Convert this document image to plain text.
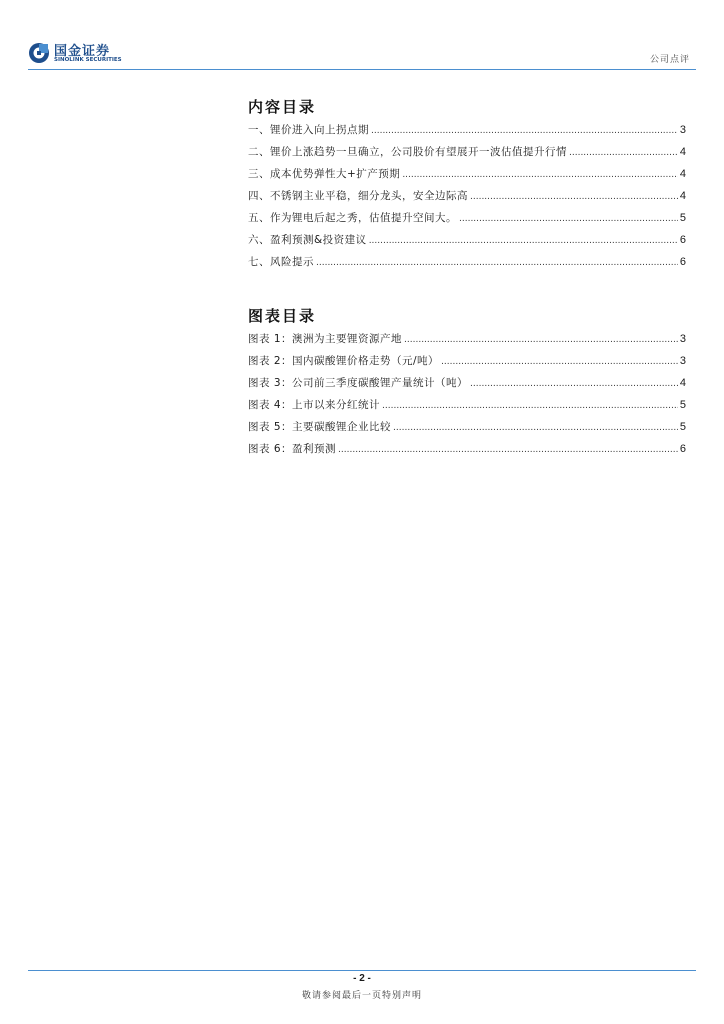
国金证券
SINOLINK SECURITIES	公司点评
内容目录
一、锂价进入向上拐点期 .....	3
二、锂价上涨趋势一旦确立，公司股价有望展开一波估值提升行情 .....	4
三、成本优势弹性大+扩产预期 .....	4
四、不锈钢主业平稳，细分龙头，安全边际高 .....	4
五、作为锂电后起之秀，估值提升空间大。 .....	5
六、盈利预测&投资建议 .....	6
七、风险提示 .....	6
图表目录
图表 1：澳洲为主要锂资源产地 .....	3
图表 2：国内碳酸锂价格走势（元/吨） .....	3
图表 3：公司前三季度碳酸锂产量统计（吨） .....	4
图表 4：上市以来分红统计 .....	5
图表 5：主要碳酸锂企业比较 .....	5
图表 6：盈利预测 .....	6
- 2 -
敬请参阅最后一页特别声明
